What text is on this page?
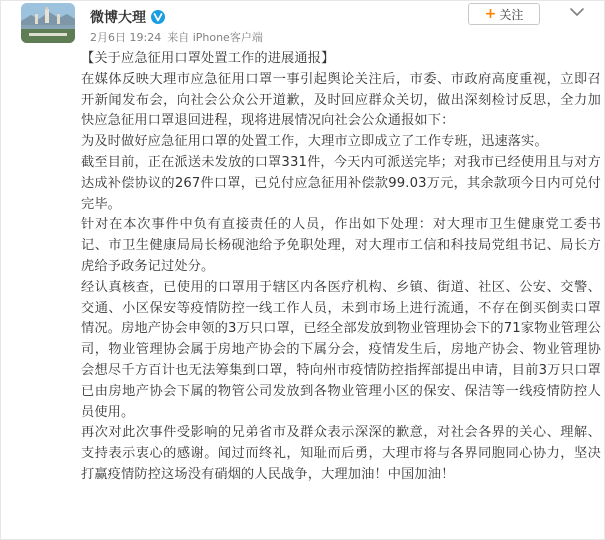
微博大理
2月6日 19:24 来自 iPhone客户端
+ 关注

【关于应急征用口罩处置工作的进展通报】

在媒体反映大理市应急征用口罩一事引起舆论关注后，市委、市政府高度重视，立即召开新闻发布会，向社会公众公开道歉，及时回应群众关切，做出深刻检讨反思，全力加快应急征用口罩退回进程，现将进展情况向社会公众通报如下：

为及时做好应急征用口罩的处置工作，大理市立即成立了工作专班，迅速落实。

截至目前，正在派送未发放的口罩331件，今天内可派送完毕；对我市已经使用且与对方达成补偿协议的267件口罩，已兑付应急征用补偿款99.03万元，其余款项今日内可兑付完毕。

针对在本次事件中负有直接责任的人员，作出如下处理：对大理市卫生健康党工委书记、市卫生健康局局长杨砚池给予免职处理，对大理市工信和科技局党组书记、局长方虎给予政务记过处分。

经认真核查，已使用的口罩用于辖区内各医疗机构、乡镇、街道、社区、公安、交警、交通、小区保安等疫情防控一线工作人员，未到市场上进行流通，不存在倒买倒卖口罩情况。房地产协会申领的3万只口罩，已经全部发放到物业管理协会下的71家物业管理公司，物业管理协会属于房地产协会的下属分会，疫情发生后，房地产协会、物业管理协会想尽千方百计也无法筹集到口罩，特向州市疫情防控指挥部提出申请，目前3万只口罩已由房地产协会下属的物管公司发放到各物业管理小区的保安、保洁等一线疫情防控人员使用。

再次对此次事件受影响的兄弟省市及群众表示深深的歉意，对社会各界的关心、理解、支持表示衷心的感谢。闻过而终礼，知耻而后勇，大理市将与各界同胞同心协力，坚决打赢疫情防控这场没有硝烟的人民战争，大理加油！中国加油！
